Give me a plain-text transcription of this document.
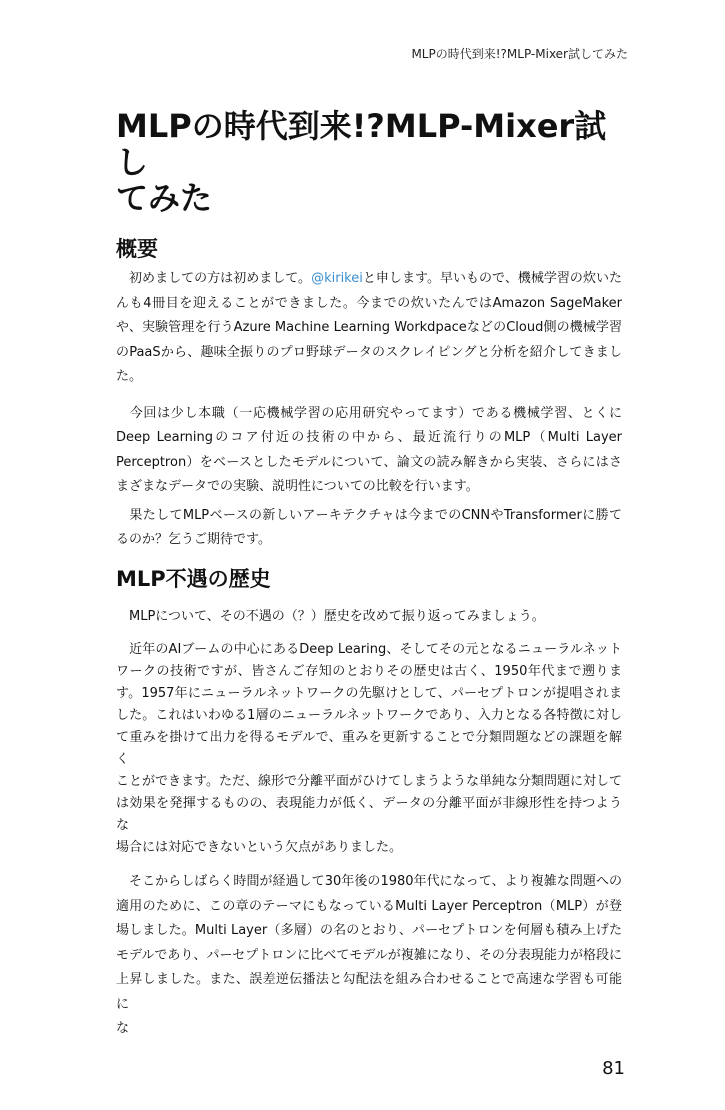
MLPの時代到来!?MLP-Mixer試してみた
MLPの時代到来!?MLP-Mixer試し
てみた
概要
　初めましての方は初めまして。@kirikeiと申します。早いもので、機械学習の炊いた
んも4冊目を迎えることができました。今までの炊いたんではAmazon SageMaker
や、実験管理を行うAzure Machine Learning WorkdpaceなどのCloud側の機械学習
のPaaSから、趣味全振りのプロ野球データのスクレイピングと分析を紹介してきまし
た。
　今回は少し本職（一応機械学習の応用研究やってます）である機械学習、とくに
Deep Learningのコア付近の技術の中から、最近流行りのMLP（Multi Layer
Perceptron）をベースとしたモデルについて、論文の読み解きから実装、さらにはさ
まざまなデータでの実験、説明性についての比較を行います。
　果たしてMLPベースの新しいアーキテクチャは今までのCNNやTransformerに勝て
るのか？乞うご期待です。
MLP不遇の歴史
　MLPについて、その不遇の（？）歴史を改めて振り返ってみましょう。
　近年のAIブームの中心にあるDeep Learing、そしてその元となるニューラルネット
ワークの技術ですが、皆さんご存知のとおりその歴史は古く、1950年代まで遡りま
す。1957年にニューラルネットワークの先駆けとして、パーセプトロンが提唱されま
した。これはいわゆる1層のニューラルネットワークであり、入力となる各特徴に対し
て重みを掛けて出力を得るモデルで、重みを更新することで分類問題などの課題を解く
ことができます。ただ、線形で分離平面がひけてしまうような単純な分類問題に対して
は効果を発揮するものの、表現能力が低く、データの分離平面が非線形性を持つような
場合には対応できないという欠点がありました。
　そこからしばらく時間が経過して30年後の1980年代になって、より複雑な問題への
適用のために、この章のテーマにもなっているMulti Layer Perceptron（MLP）が登
場しました。Multi Layer（多層）の名のとおり、パーセプトロンを何層も積み上げた
モデルであり、パーセプトロンに比べてモデルが複雑になり、その分表現能力が格段に
上昇しました。また、誤差逆伝播法と勾配法を組み合わせることで高速な学習も可能に
な
81
